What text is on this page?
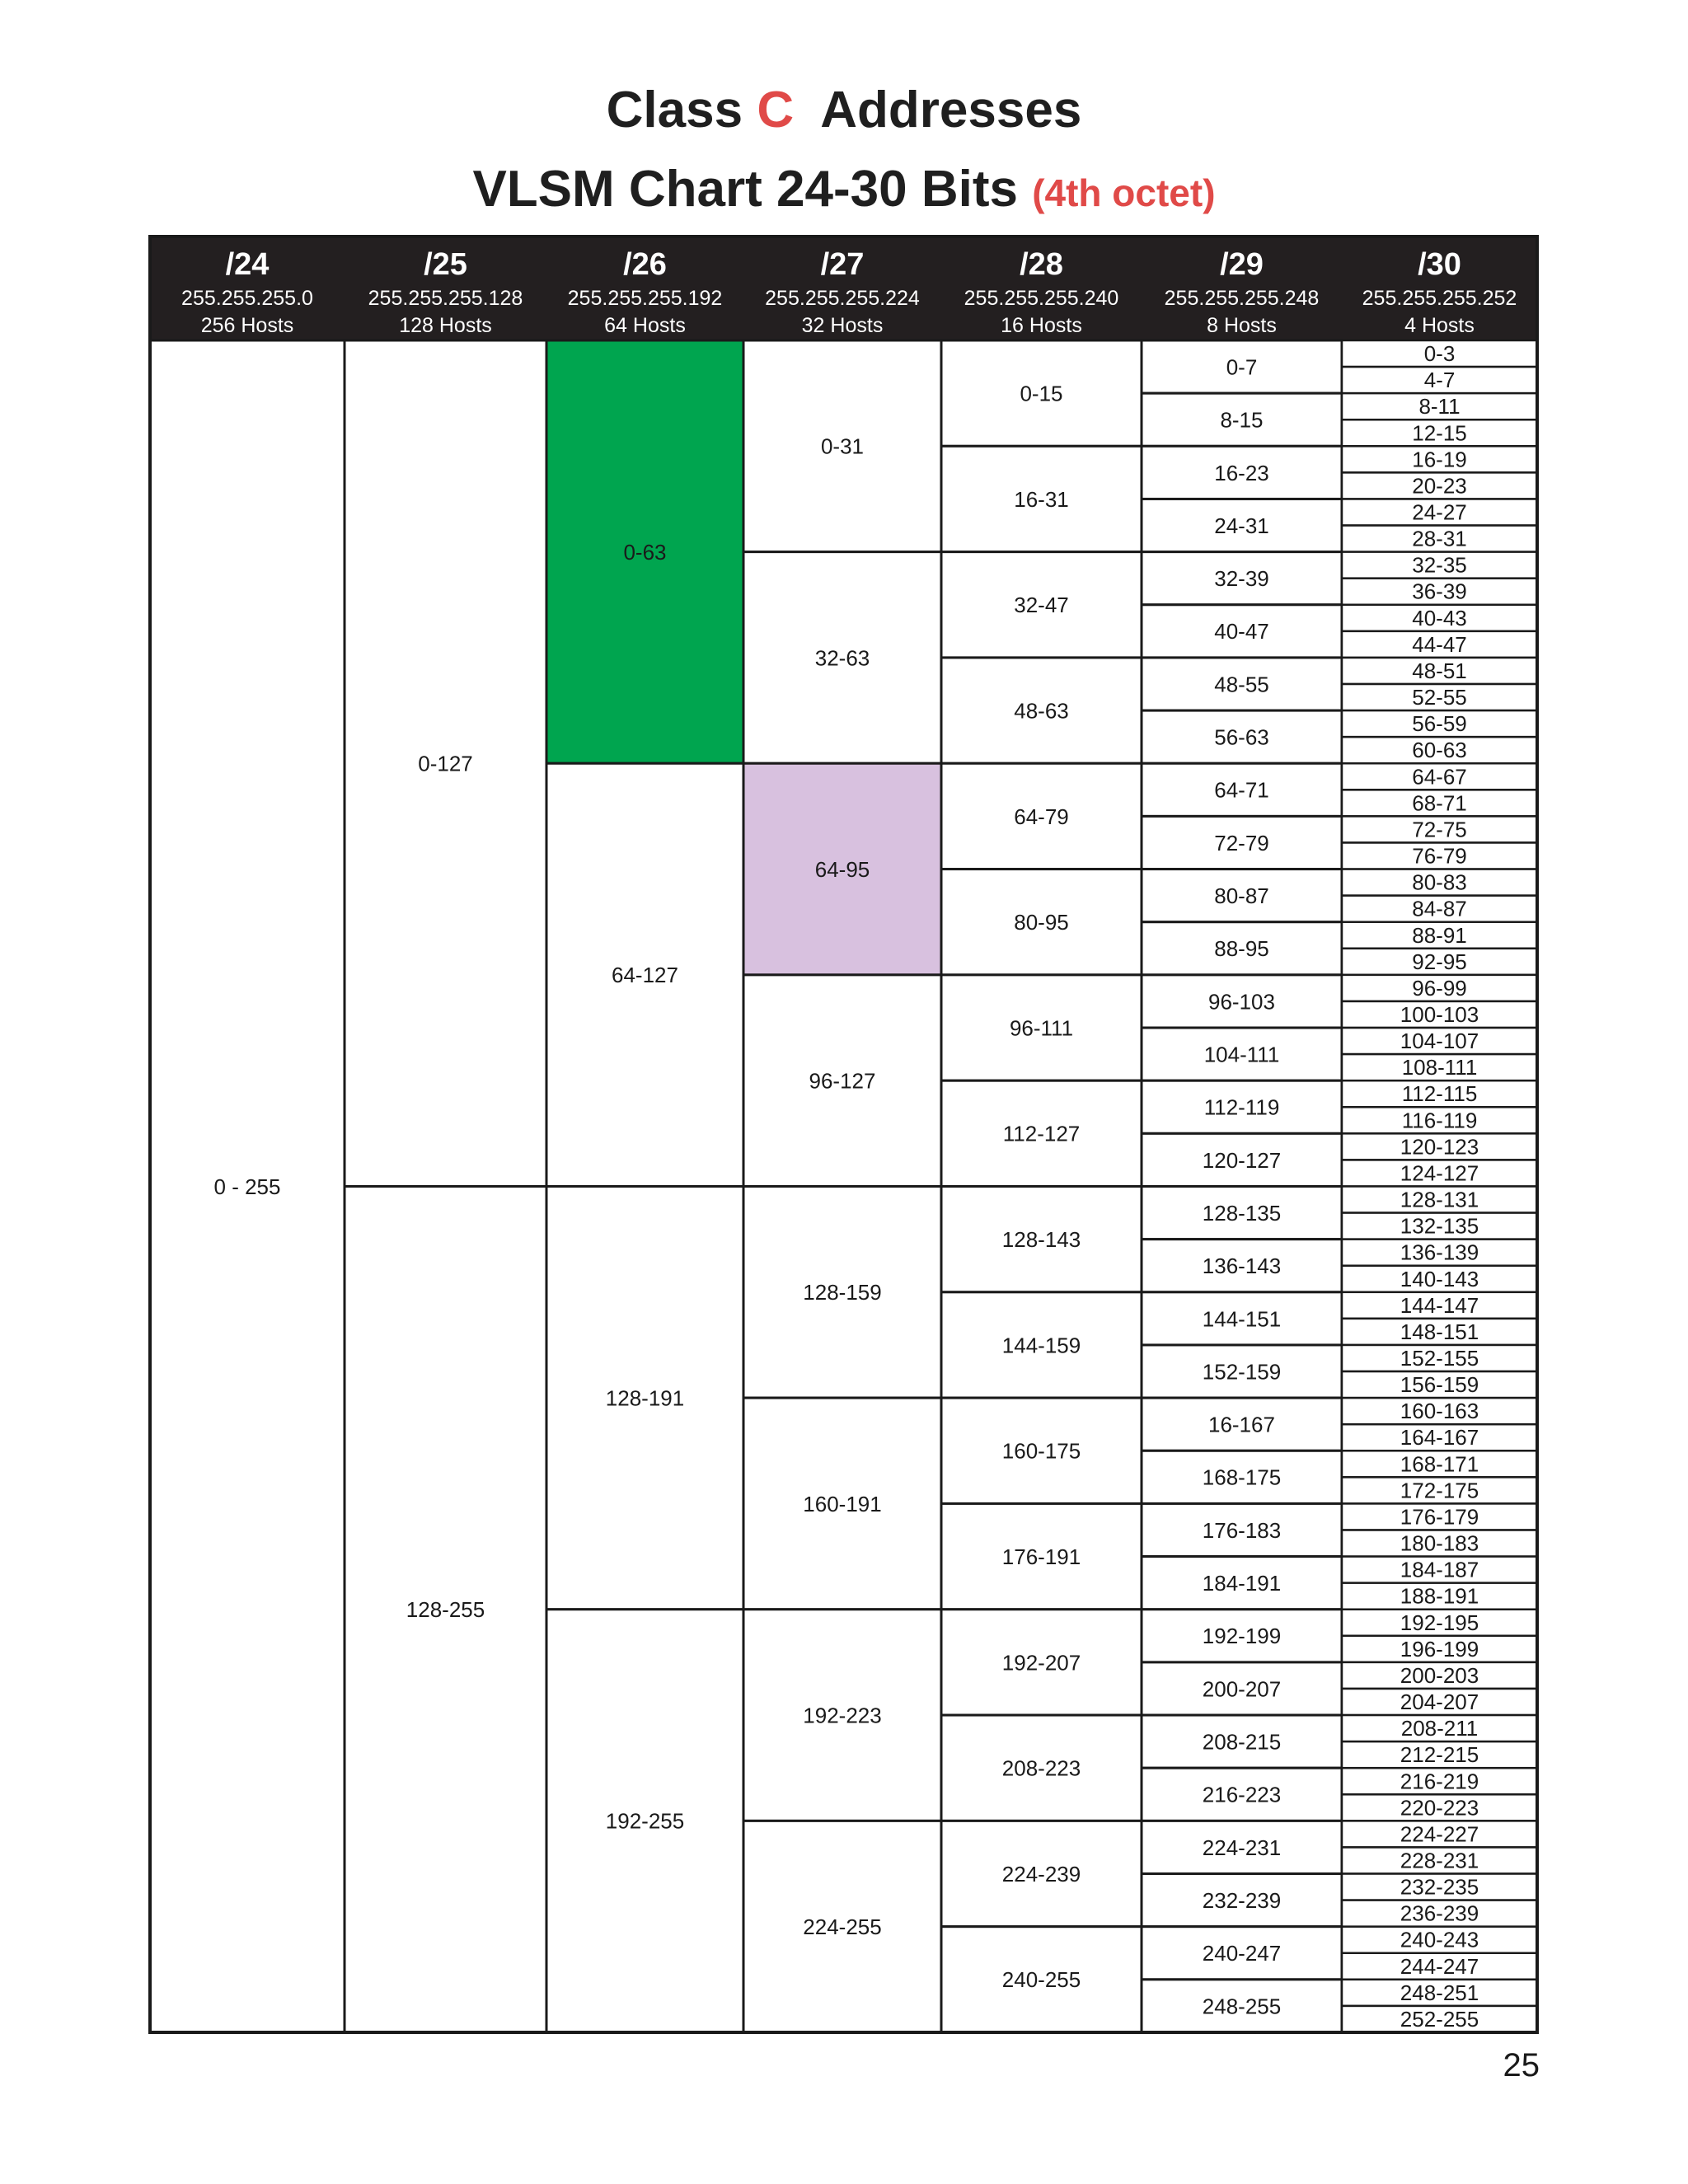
Class C  Addresses
VLSM Chart 24-30 Bits (4th octet)
/24
255.255.255.0
256 Hosts
0 - 255
/25
255.255.255.128
128 Hosts
0-127
128-255
/26
255.255.255.192
64 Hosts
0-63
64-127
128-191
192-255
/27
255.255.255.224
32 Hosts
0-31
32-63
64-95
96-127
128-159
160-191
192-223
224-255
/28
255.255.255.240
16 Hosts
0-15
16-31
32-47
48-63
64-79
80-95
96-111
112-127
128-143
144-159
160-175
176-191
192-207
208-223
224-239
240-255
/29
255.255.255.248
8 Hosts
0-7
8-15
16-23
24-31
32-39
40-47
48-55
56-63
64-71
72-79
80-87
88-95
96-103
104-111
112-119
120-127
128-135
136-143
144-151
152-159
16-167
168-175
176-183
184-191
192-199
200-207
208-215
216-223
224-231
232-239
240-247
248-255
/30
255.255.255.252
4 Hosts
0-3
4-7
8-11
12-15
16-19
20-23
24-27
28-31
32-35
36-39
40-43
44-47
48-51
52-55
56-59
60-63
64-67
68-71
72-75
76-79
80-83
84-87
88-91
92-95
96-99
100-103
104-107
108-111
112-115
116-119
120-123
124-127
128-131
132-135
136-139
140-143
144-147
148-151
152-155
156-159
160-163
164-167
168-171
172-175
176-179
180-183
184-187
188-191
192-195
196-199
200-203
204-207
208-211
212-215
216-219
220-223
224-227
228-231
232-235
236-239
240-243
244-247
248-251
252-255
25
